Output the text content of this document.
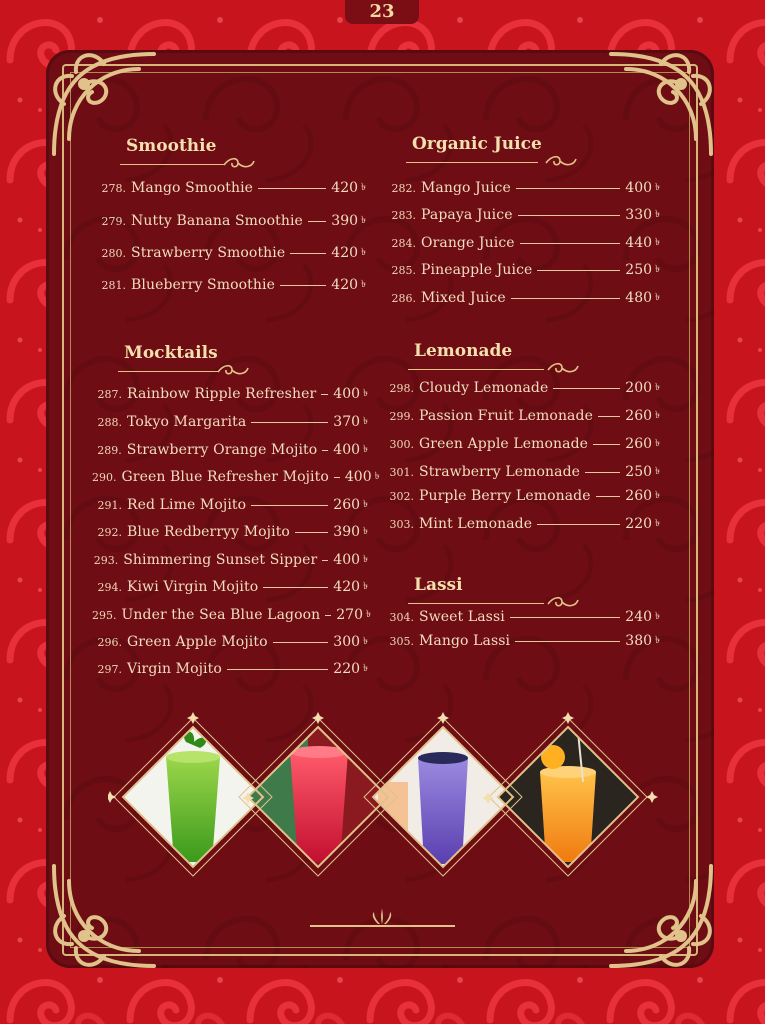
23
Smoothie
278. Mango Smoothie	420 ৳
279. Nutty Banana Smoothie 390 ৳
280. Strawberry Smoothie	420 ৳
281. Blueberry Smoothie	420 ৳
Organic Juice
282. Mango Juice	400 ৳
283. Papaya Juice	330 ৳
284. Orange Juice	440 ৳
285. Pineapple Juice	250 ৳
286. Mixed Juice	480 ৳
Mocktails
287. Rainbow Ripple Refresher 400 ৳
288. Tokyo Margarita	370 ৳
289. Strawberry Orange Mojito 400 ৳
290. Green Blue Refresher Mojito 400 ৳
291. Red Lime Mojito	260 ৳
292. Blue Redberryy Mojito	390 ৳
293. Shimmering Sunset Sipper 400 ৳
294. Kiwi Virgin Mojito	420 ৳
295. Under the Sea Blue Lagoon 270 ৳
296. Green Apple Mojito	300 ৳
297. Virgin Mojito	220 ৳
Lemonade
298. Cloudy Lemonade	200 ৳
299. Passion Fruit Lemonade 260 ৳
300. Green Apple Lemonade	260 ৳
301. Strawberry Lemonade	250 ৳
302. Purple Berry Lemonade 260 ৳
303. Mint Lemonade	220 ৳
Lassi
304. Sweet Lassi	240 ৳
305. Mango Lassi	380 ৳
